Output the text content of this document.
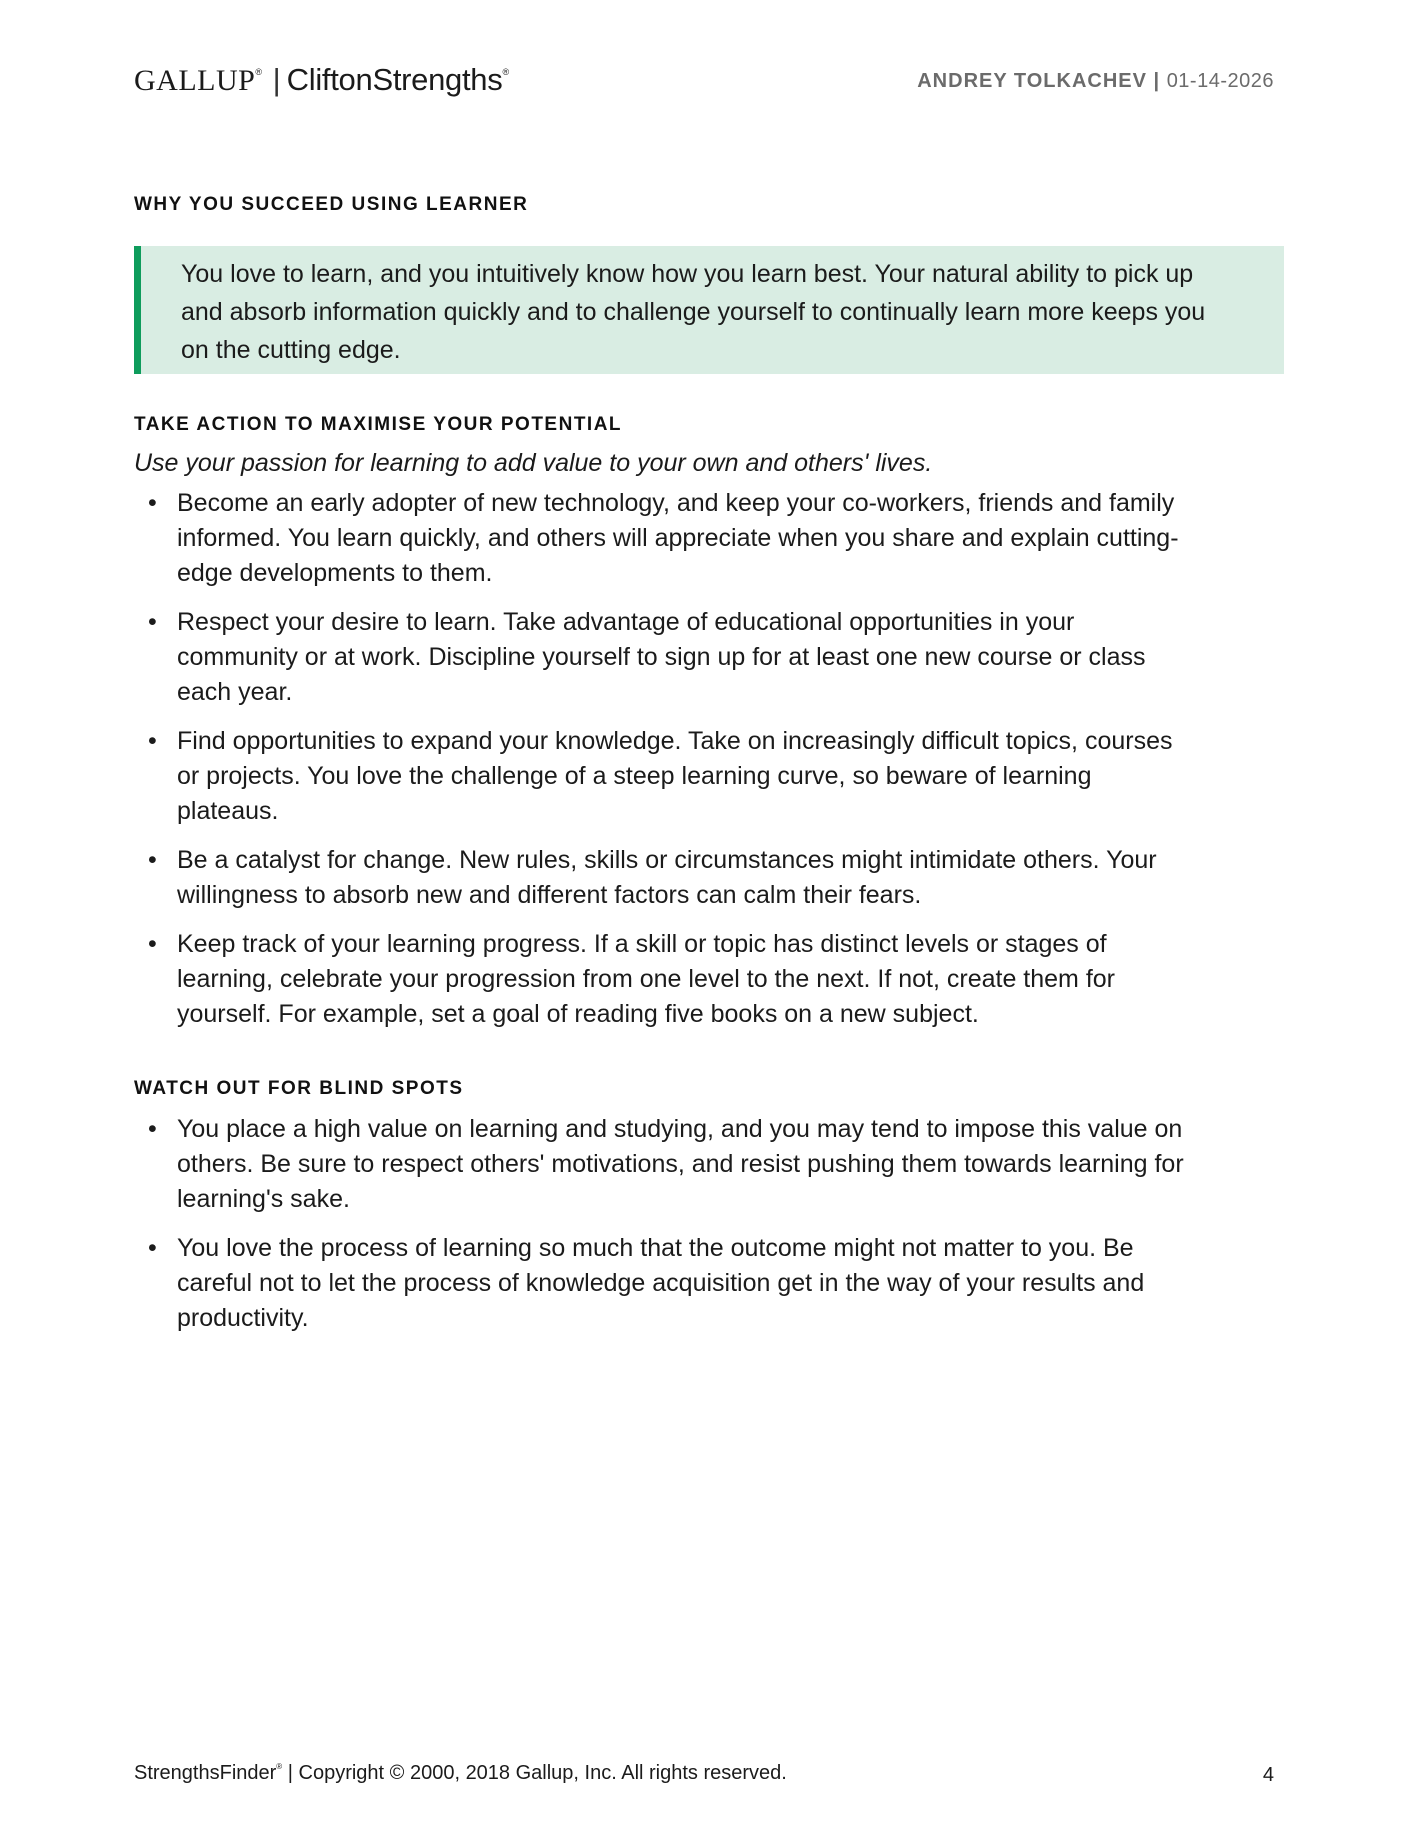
GALLUP® | CliftonStrengths®	ANDREY TOLKACHEV | 01-14-2026
WHY YOU SUCCEED USING LEARNER

You love to learn, and you intuitively know how you learn best. Your natural ability to pick up and absorb information quickly and to challenge yourself to continually learn more keeps you on the cutting edge.

TAKE ACTION TO MAXIMISE YOUR POTENTIAL

Use your passion for learning to add value to your own and others' lives.

• Become an early adopter of new technology, and keep your co-workers, friends and family informed. You learn quickly, and others will appreciate when you share and explain cutting-edge developments to them.
• Respect your desire to learn. Take advantage of educational opportunities in your community or at work. Discipline yourself to sign up for at least one new course or class each year.
• Find opportunities to expand your knowledge. Take on increasingly difficult topics, courses or projects. You love the challenge of a steep learning curve, so beware of learning plateaus.
• Be a catalyst for change. New rules, skills or circumstances might intimidate others. Your willingness to absorb new and different factors can calm their fears.
• Keep track of your learning progress. If a skill or topic has distinct levels or stages of learning, celebrate your progression from one level to the next. If not, create them for yourself. For example, set a goal of reading five books on a new subject.
WATCH OUT FOR BLIND SPOTS
• You place a high value on learning and studying, and you may tend to impose this value on others. Be sure to respect others' motivations, and resist pushing them towards learning for learning's sake.
• You love the process of learning so much that the outcome might not matter to you. Be careful not to let the process of knowledge acquisition get in the way of your results and productivity.
StrengthsFinder® | Copyright © 2000, 2018 Gallup, Inc. All rights reserved.	4
